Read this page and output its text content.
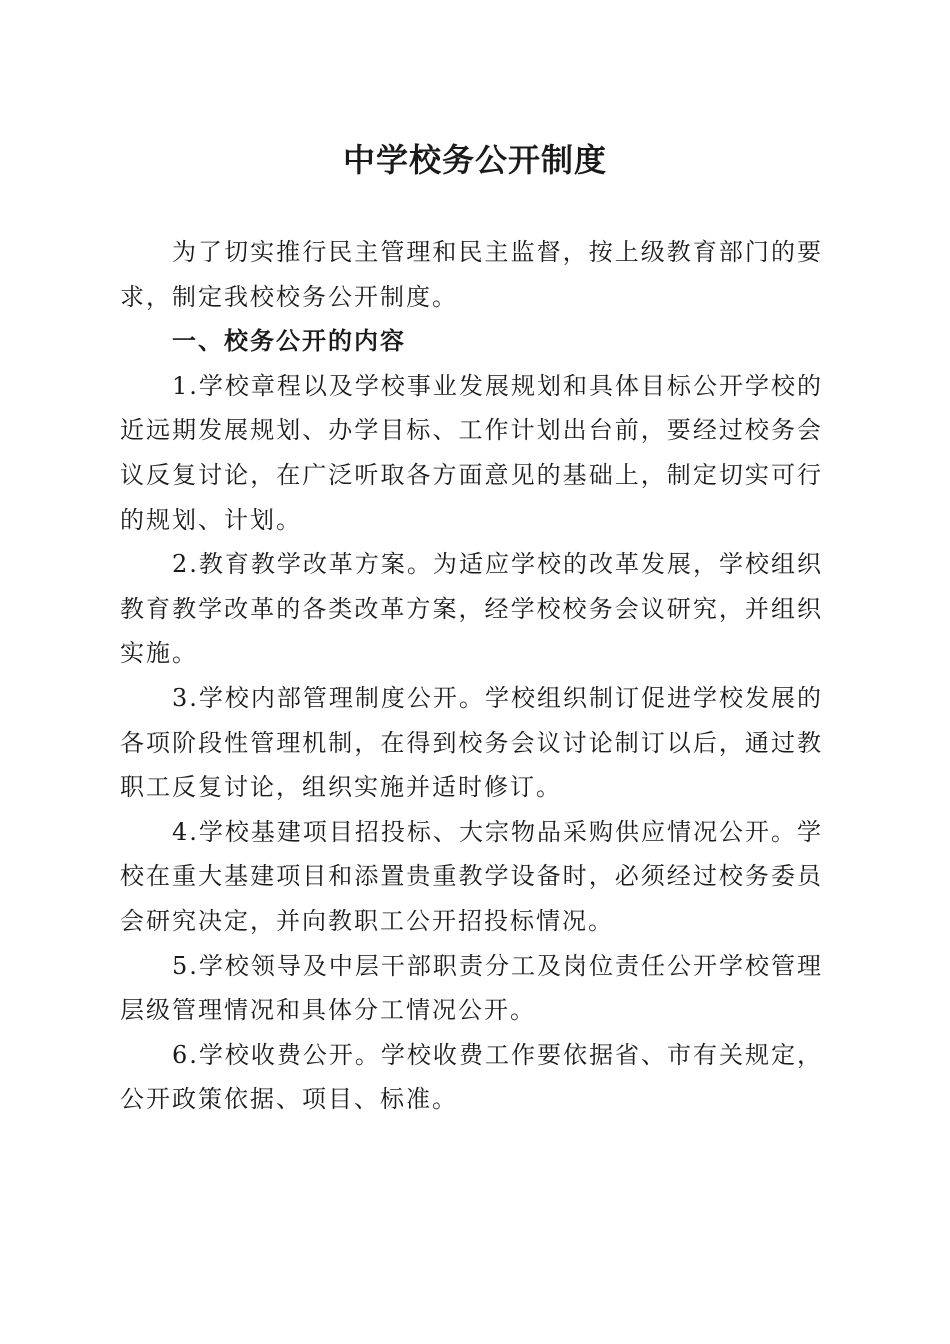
中学校务公开制度

为了切实推行民主管理和民主监督，按上级教育部门的要求，制定我校校务公开制度。

一、校务公开的内容

1.学校章程以及学校事业发展规划和具体目标公开学校的近远期发展规划、办学目标、工作计划出台前，要经过校务会议反复讨论，在广泛听取各方面意见的基础上，制定切实可行的规划、计划。

2.教育教学改革方案。为适应学校的改革发展，学校组织教育教学改革的各类改革方案，经学校校务会议研究，并组织实施。

3.学校内部管理制度公开。学校组织制订促进学校发展的各项阶段性管理机制，在得到校务会议讨论制订以后，通过教职工反复讨论，组织实施并适时修订。

4.学校基建项目招投标、大宗物品采购供应情况公开。学校在重大基建项目和添置贵重教学设备时，必须经过校务委员会研究决定，并向教职工公开招投标情况。

5.学校领导及中层干部职责分工及岗位责任公开学校管理层级管理情况和具体分工情况公开。

6.学校收费公开。学校收费工作要依据省、市有关规定，公开政策依据、项目、标准。
